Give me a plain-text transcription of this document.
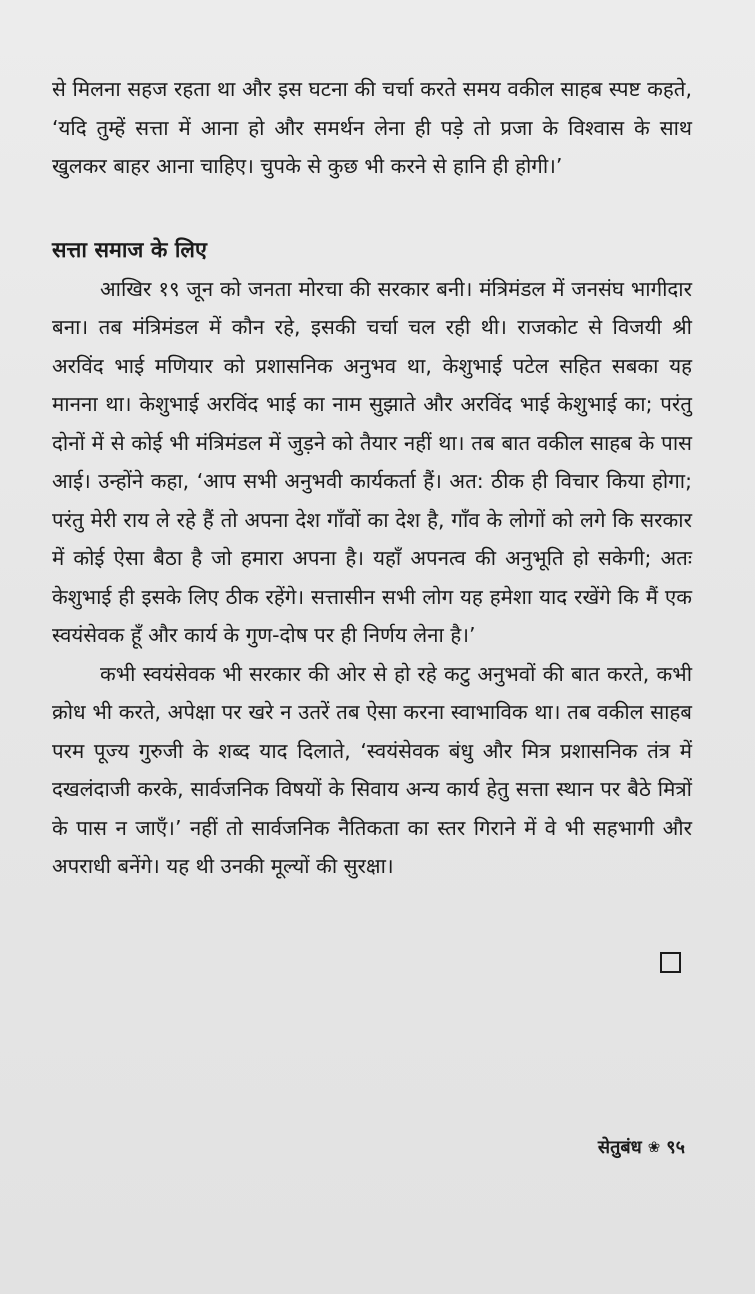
से मिलना सहज रहता था और इस घटना की चर्चा करते समय वकील साहब स्पष्ट कहते, ‘यदि तुम्हें सत्ता में आना हो और समर्थन लेना ही पड़े तो प्रजा के विश्वास के साथ खुलकर बाहर आना चाहिए। चुपके से कुछ भी करने से हानि ही होगी।’

सत्ता समाज के लिए

आखिर १९ जून को जनता मोरचा की सरकार बनी। मंत्रिमंडल में जनसंघ भागीदार बना। तब मंत्रिमंडल में कौन रहे, इसकी चर्चा चल रही थी। राजकोट से विजयी श्री अरविंद भाई मणियार को प्रशासनिक अनुभव था, केशुभाई पटेल सहित सबका यह मानना था। केशुभाई अरविंद भाई का नाम सुझाते और अरविंद भाई केशुभाई का; परंतु दोनों में से कोई भी मंत्रिमंडल में जुड़ने को तैयार नहीं था। तब बात वकील साहब के पास आई। उन्होंने कहा, ‘आप सभी अनुभवी कार्यकर्ता हैं। अत: ठीक ही विचार किया होगा; परंतु मेरी राय ले रहे हैं तो अपना देश गाँवों का देश है, गाँव के लोगों को लगे कि सरकार में कोई ऐसा बैठा है जो हमारा अपना है। यहाँ अपनत्व की अनुभूति हो सकेगी; अतः केशुभाई ही इसके लिए ठीक रहेंगे। सत्तासीन सभी लोग यह हमेशा याद रखेंगे कि मैं एक स्वयंसेवक हूँ और कार्य के गुण-दोष पर ही निर्णय लेना है।’

कभी स्वयंसेवक भी सरकार की ओर से हो रहे कटु अनुभवों की बात करते, कभी क्रोध भी करते, अपेक्षा पर खरे न उतरें तब ऐसा करना स्वाभाविक था। तब वकील साहब परम पूज्य गुरुजी के शब्द याद दिलाते, ‘स्वयंसेवक बंधु और मित्र प्रशासनिक तंत्र में दखलंदाजी करके, सार्वजनिक विषयों के सिवाय अन्य कार्य हेतु सत्ता स्थान पर बैठे मित्रों के पास न जाएँ।’ नहीं तो सार्वजनिक नैतिकता का स्तर गिराने में वे भी सहभागी और अपराधी बनेंगे। यह थी उनकी मूल्यों की सुरक्षा।

सेतुबंध ❀ ९५
